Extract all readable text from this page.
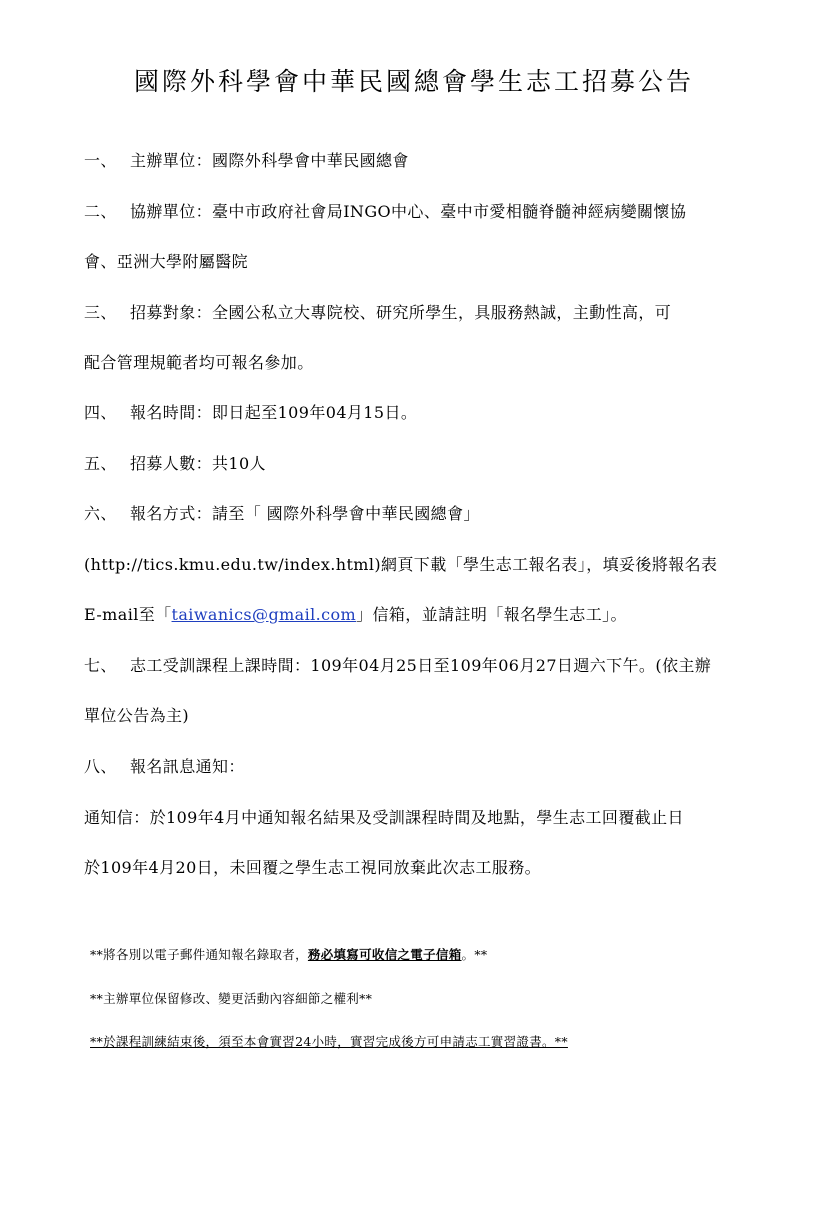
國際外科學會中華民國總會學生志工招募公告
一、 主辦單位：國際外科學會中華民國總會
二、 協辦單位：臺中市政府社會局INGO中心、臺中市愛相髓脊髓神經病變關懷協
會、亞洲大學附屬醫院
三、 招募對象：全國公私立大專院校、研究所學生，具服務熱誠，主動性高，可
配合管理規範者均可報名參加。
四、 報名時間：即日起至109年04月15日。
五、 招募人數：共10人
六、 報名方式：請至「 國際外科學會中華民國總會」
(http://tics.kmu.edu.tw/index.html)網頁下載「學生志工報名表」，填妥後將報名表
E-mail至「taiwanics@gmail.com」信箱，並請註明「報名學生志工」。
七、 志工受訓課程上課時間：109年04月25日至109年06月27日週六下午。(依主辦
單位公告為主)
八、 報名訊息通知：
通知信：於109年4月中通知報名結果及受訓課程時間及地點，學生志工回覆截止日
於109年4月20日，未回覆之學生志工視同放棄此次志工服務。
**將各別以電子郵件通知報名錄取者，務必填寫可收信之電子信箱。**
**主辦單位保留修改、變更活動內容細節之權利**
**於課程訓練結束後，須至本會實習24小時，實習完成後方可申請志工實習證書。**
